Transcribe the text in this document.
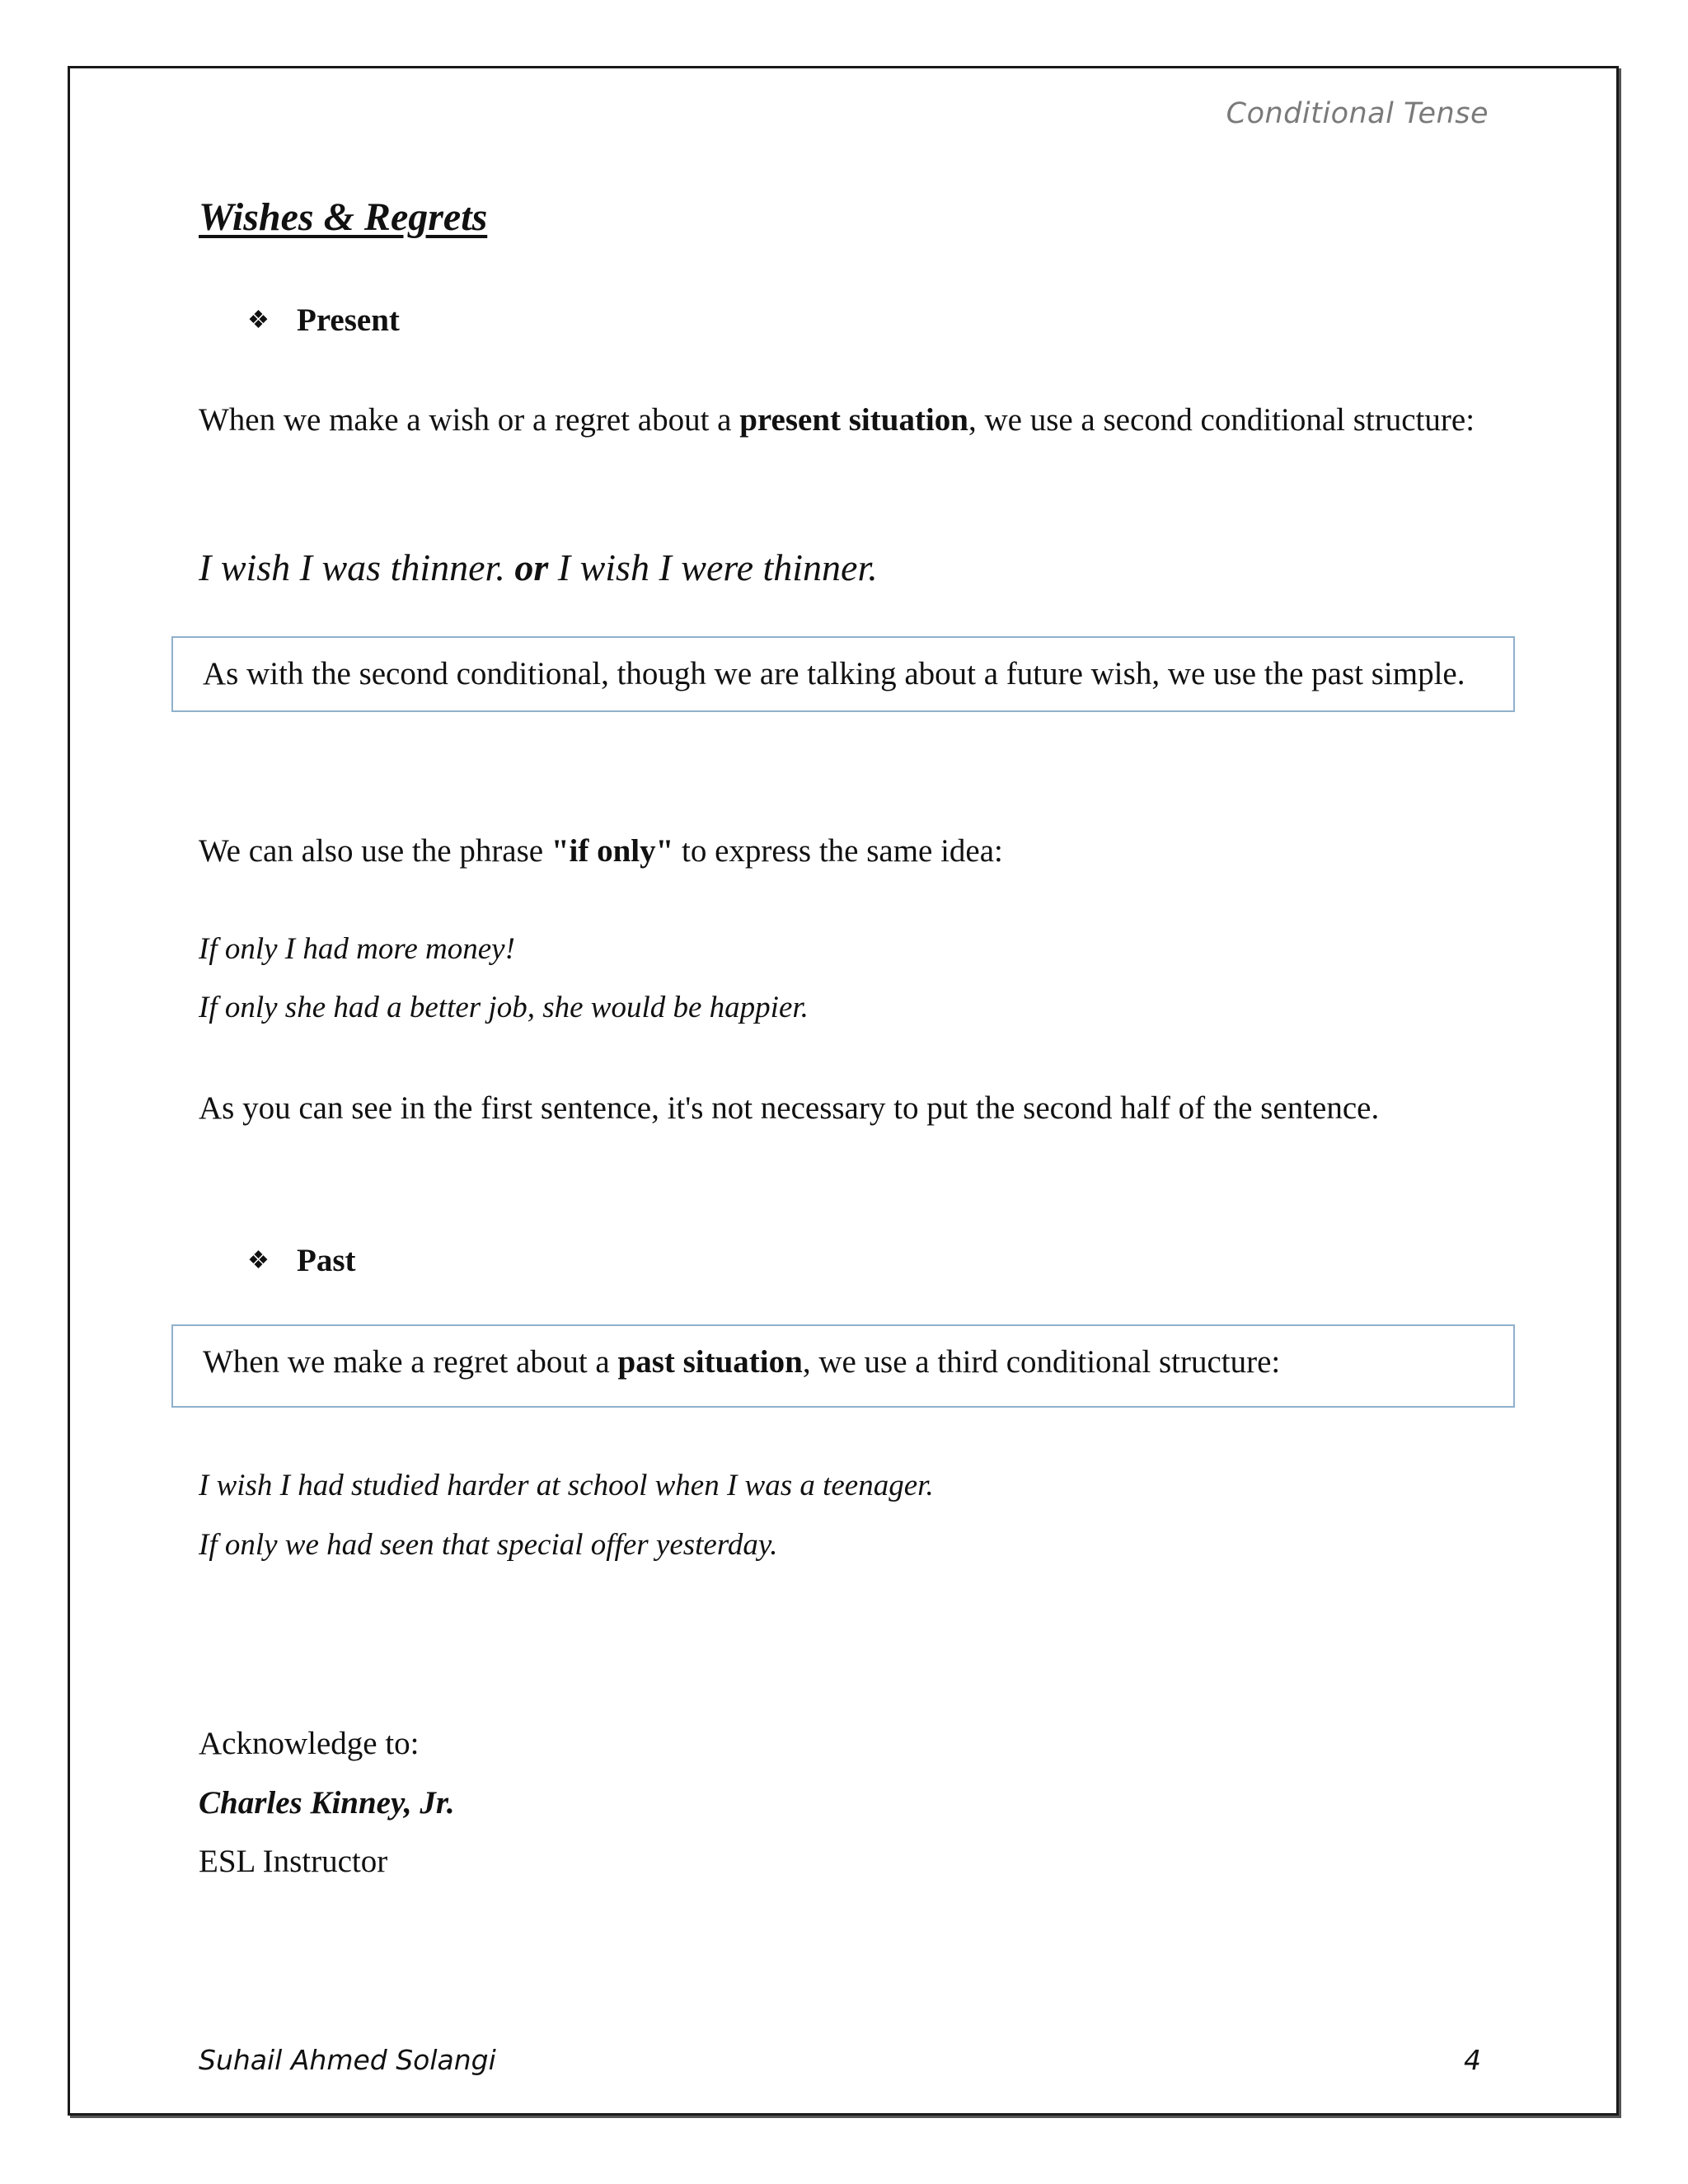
Conditional Tense
Wishes & Regrets
❖ Present
When we make a wish or a regret about a present situation, we use a second conditional structure:
I wish I was thinner. or I wish I were thinner.
As with the second conditional, though we are talking about a future wish, we use the past simple.
We can also use the phrase "if only" to express the same idea:
If only I had more money!
If only she had a better job, she would be happier.
As you can see in the first sentence, it's not necessary to put the second half of the sentence.
❖ Past
When we make a regret about a past situation, we use a third conditional structure:
I wish I had studied harder at school when I was a teenager.
If only we had seen that special offer yesterday.
Acknowledge to:
Charles Kinney, Jr.
ESL Instructor
Suhail Ahmed Solangi	4
